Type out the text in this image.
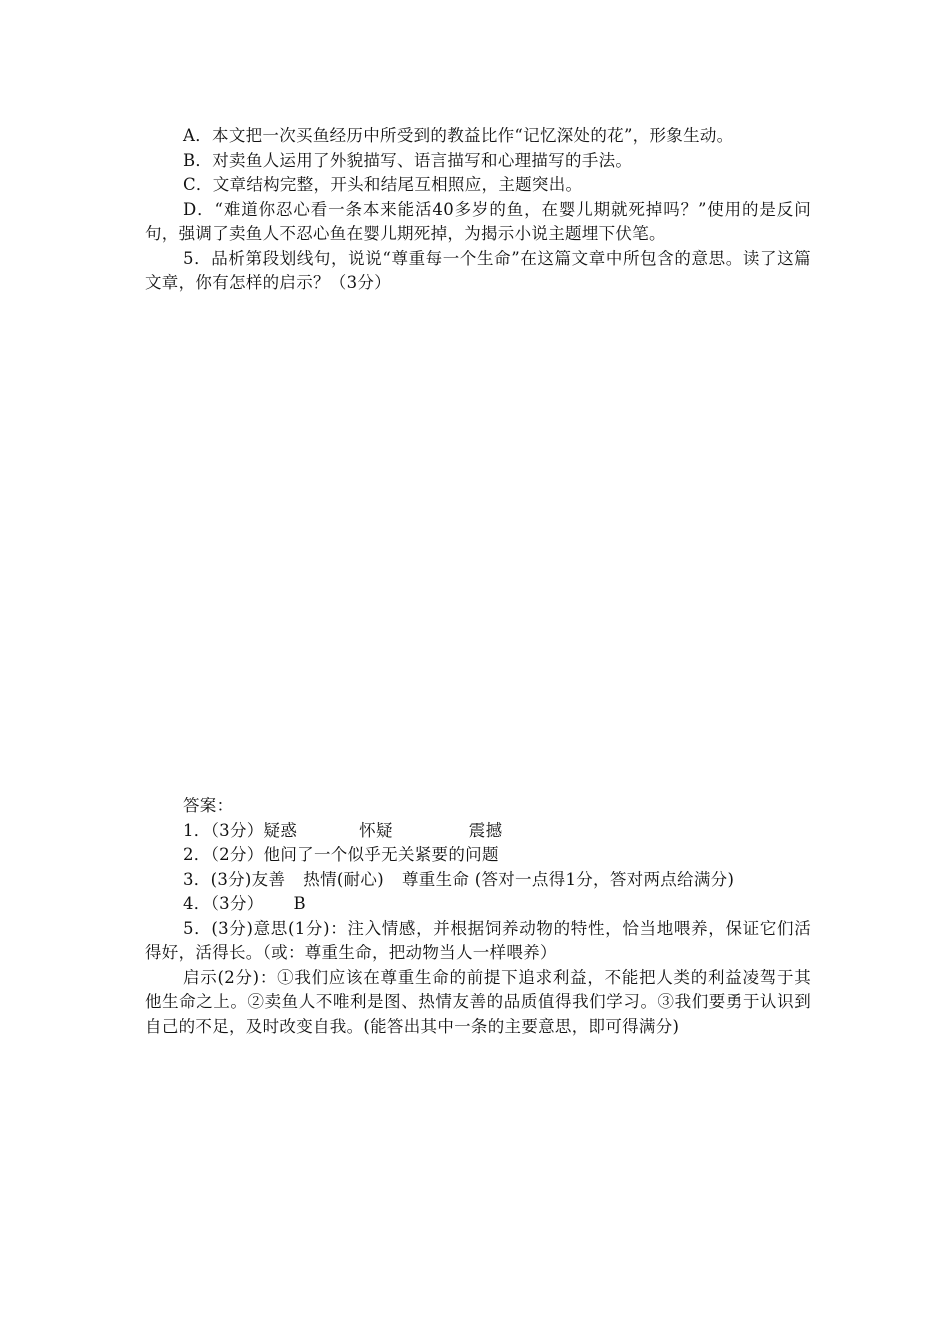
A．本文把一次买鱼经历中所受到的教益比作“记忆深处的花”，形象生动。

B．对卖鱼人运用了外貌描写、语言描写和心理描写的手法。

C．文章结构完整，开头和结尾互相照应，主题突出。

D．“难道你忍心看一条本来能活40多岁的鱼，在婴儿期就死掉吗？”使用的是反问句，强调了卖鱼人不忍心鱼在婴儿期死掉，为揭示小说主题埋下伏笔。

5．品析第段划线句，说说“尊重每一个生命”在这篇文章中所包含的意思。读了这篇文章，你有怎样的启示？（3分）

答案：

1．（3分）疑惑	怀疑	震撼

2．（2分）他问了一个似乎无关紧要的问题

3．(3分)友善 热情(耐心) 尊重生命 (答对一点得1分，答对两点给满分)

4．（3分） B

5．(3分)意思(1分)：注入情感，并根据饲养动物的特性，恰当地喂养，保证它们活得好，活得长。（或：尊重生命，把动物当人一样喂养）

启示(2分)：①我们应该在尊重生命的前提下追求利益，不能把人类的利益凌驾于其他生命之上。②卖鱼人不唯利是图、热情友善的品质值得我们学习。③我们要勇于认识到自己的不足，及时改变自我。(能答出其中一条的主要意思，即可得满分)
